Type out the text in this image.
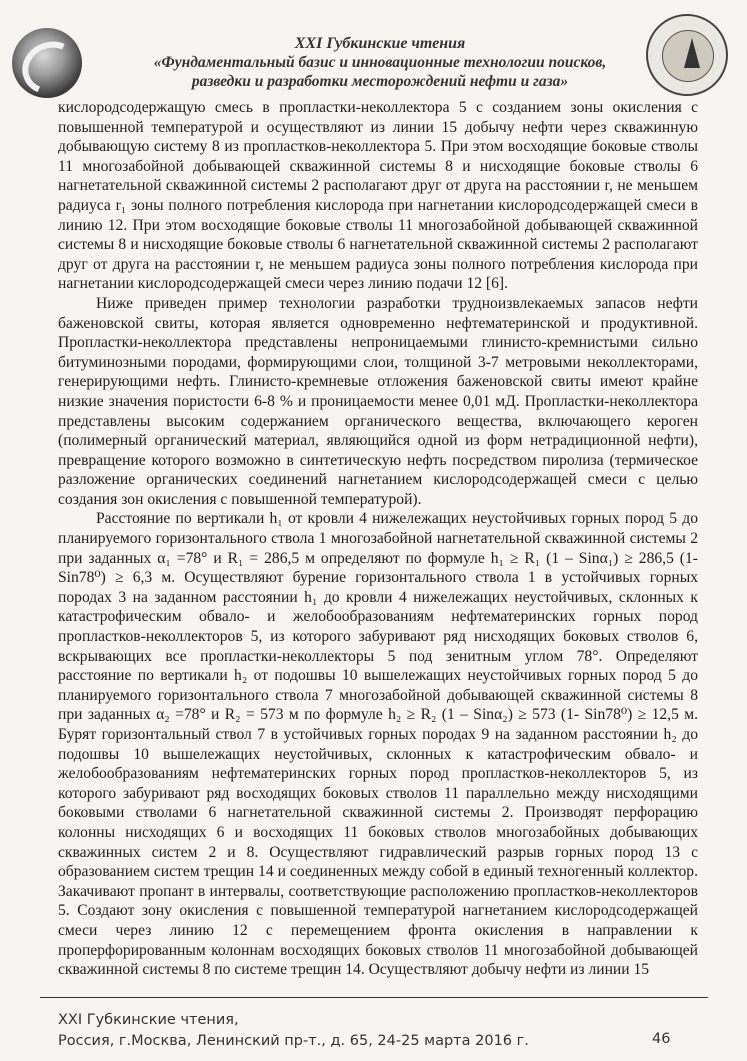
XXI Губкинские чтения
«Фундаментальный базис и инновационные технологии поисков,
разведки и разработки месторождений нефти и газа»

кислородсодержащую смесь в пропластки-неколлектора 5 с созданием зоны окисления с повышенной температурой и осуществляют из линии 15 добычу нефти через скважинную добывающую систему 8 из пропластков-неколлектора 5. При этом восходящие боковые стволы 11 многозабойной добывающей скважинной системы 8 и нисходящие боковые стволы 6 нагнетательной скважинной системы 2 располагают друг от друга на расстоянии r, не меньшем радиуса r₁ зоны полного потребления кислорода при нагнетании кислородсодержащей смеси в линию 12. При этом восходящие боковые стволы 11 многозабойной добывающей скважинной системы 8 и нисходящие боковые стволы 6 нагнетательной скважинной системы 2 располагают друг от друга на расстоянии r, не меньшем радиуса зоны полного потребления кислорода при нагнетании кислородсодержащей смеси через линию подачи 12 [6].

Ниже приведен пример технологии разработки трудноизвлекаемых запасов нефти баженовской свиты, которая является одновременно нефтематеринской и продуктивной. Пропластки-неколлектора представлены непроницаемыми глинисто-кремнистыми сильно битуминозными породами, формирующими слои, толщиной 3-7 метровыми неколлекторами, генерирующими нефть. Глинисто-кремневые отложения баженовской свиты имеют крайне низкие значения пористости 6-8 % и проницаемости менее 0,01 мД. Пропластки-неколлектора представлены высоким содержанием органического вещества, включающего кероген (полимерный органический материал, являющийся одной из форм нетрадиционной нефти), превращение которого возможно в синтетическую нефть посредством пиролиза (термическое разложение органических соединений нагнетанием кислородсодержащей смеси с целью создания зон окисления с повышенной температурой).

Расстояние по вертикали h₁ от кровли 4 нижележащих неустойчивых горных пород 5 до планируемого горизонтального ствола 1 многозабойной нагнетательной скважинной системы 2 при заданных α₁ =78° и R₁ = 286,5 м определяют по формуле h₁ ≥ R₁ (1 – Sinα₁) ≥ 286,5 (1- Sin78⁰) ≥ 6,3 м. Осуществляют бурение горизонтального ствола 1 в устойчивых горных породах 3 на заданном расстоянии h₁ до кровли 4 нижележащих неустойчивых, склонных к катастрофическим обвало- и желобообразованиям нефтематеринских горных пород пропластков-неколлекторов 5, из которого забуривают ряд нисходящих боковых стволов 6, вскрывающих все пропластки-неколлекторы 5 под зенитным углом 78°. Определяют расстояние по вертикали h₂ от подошвы 10 вышележащих неустойчивых горных пород 5 до планируемого горизонтального ствола 7 многозабойной добывающей скважинной системы 8 при заданных α₂ =78° и R₂ = 573 м по формуле h₂ ≥ R₂ (1 – Sinα₂) ≥ 573 (1- Sin78⁰) ≥ 12,5 м. Бурят горизонтальный ствол 7 в устойчивых горных породах 9 на заданном расстоянии h₂ до подошвы 10 вышележащих неустойчивых, склонных к катастрофическим обвало- и желобообразованиям нефтематеринских горных пород пропластков-неколлекторов 5, из которого забуривают ряд восходящих боковых стволов 11 параллельно между нисходящими боковыми стволами 6 нагнетательной скважинной системы 2. Производят перфорацию колонны нисходящих 6 и восходящих 11 боковых стволов многозабойных добывающих скважинных систем 2 и 8. Осуществляют гидравлический разрыв горных пород 13 с образованием систем трещин 14 и соединенных между собой в единый техногенный коллектор. Закачивают пропант в интервалы, соответствующие расположению пропластков-неколлекторов 5. Создают зону окисления с повышенной температурой нагнетанием кислородсодержащей смеси через линию 12 с перемещением фронта окисления в направлении к проперфорированным колоннам восходящих боковых стволов 11 многозабойной добывающей скважинной системы 8 по системе трещин 14. Осуществляют добычу нефти из линии 15

XXI Губкинские чтения,
Россия, г.Москва, Ленинский пр-т., д. 65, 24-25 марта 2016 г.	46
